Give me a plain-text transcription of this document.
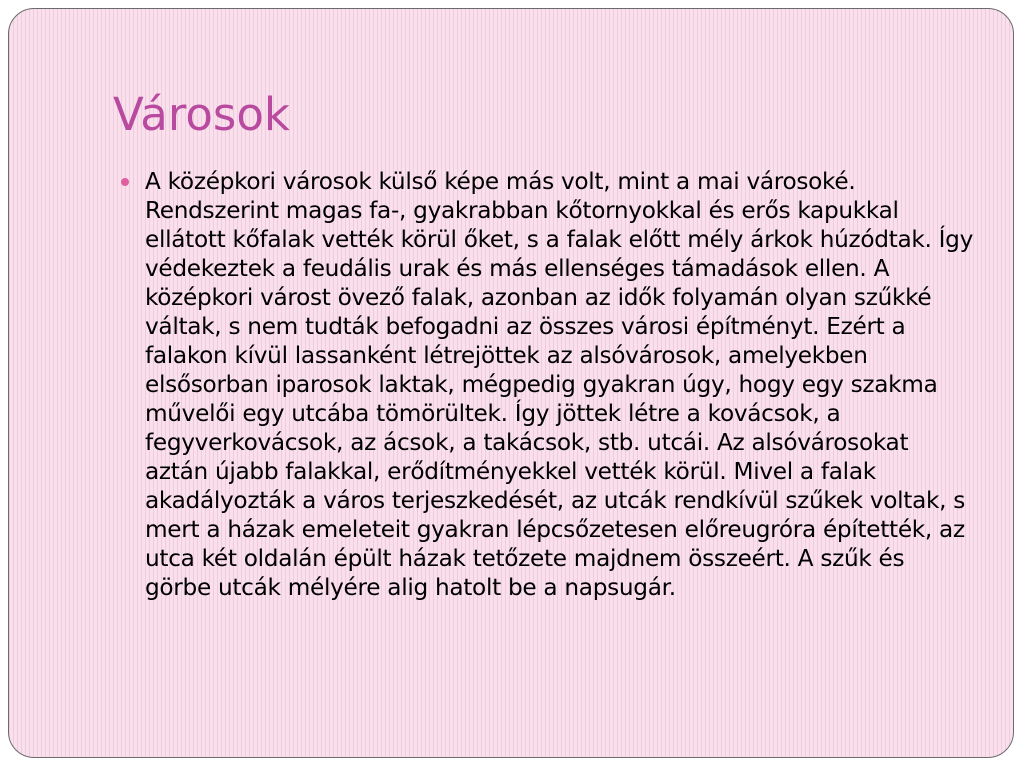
Városok
A középkori városok külső képe más volt, mint a mai városoké. Rendszerint magas fa-, gyakrabban kőtornyokkal és erős kapukkal ellátott kőfalak vették körül őket, s a falak előtt mély árkok húzódtak. Így védekeztek a feudális urak és más ellenséges támadások ellen. A középkori várost övező falak, azonban az idők folyamán olyan szűkké váltak, s nem tudták befogadni az összes városi építményt. Ezért a falakon kívül lassanként létrejöttek az alsóvárosok, amelyekben elsősorban iparosok laktak, mégpedig gyakran úgy, hogy egy szakma művelői egy utcába tömörültek. Így jöttek létre a kovácsok, a fegyverkovácsok, az ácsok, a takácsok, stb. utcái. Az alsóvárosokat aztán újabb falakkal, erődítményekkel vették körül. Mivel a falak akadályozták a város terjeszkedését, az utcák rendkívül szűkek voltak, s mert a házak emeleteit gyakran lépcsőzetesen előreugróra építették, az utca két oldalán épült házak tetőzete majdnem összeért. A szűk és görbe utcák mélyére alig hatolt be a napsugár.
